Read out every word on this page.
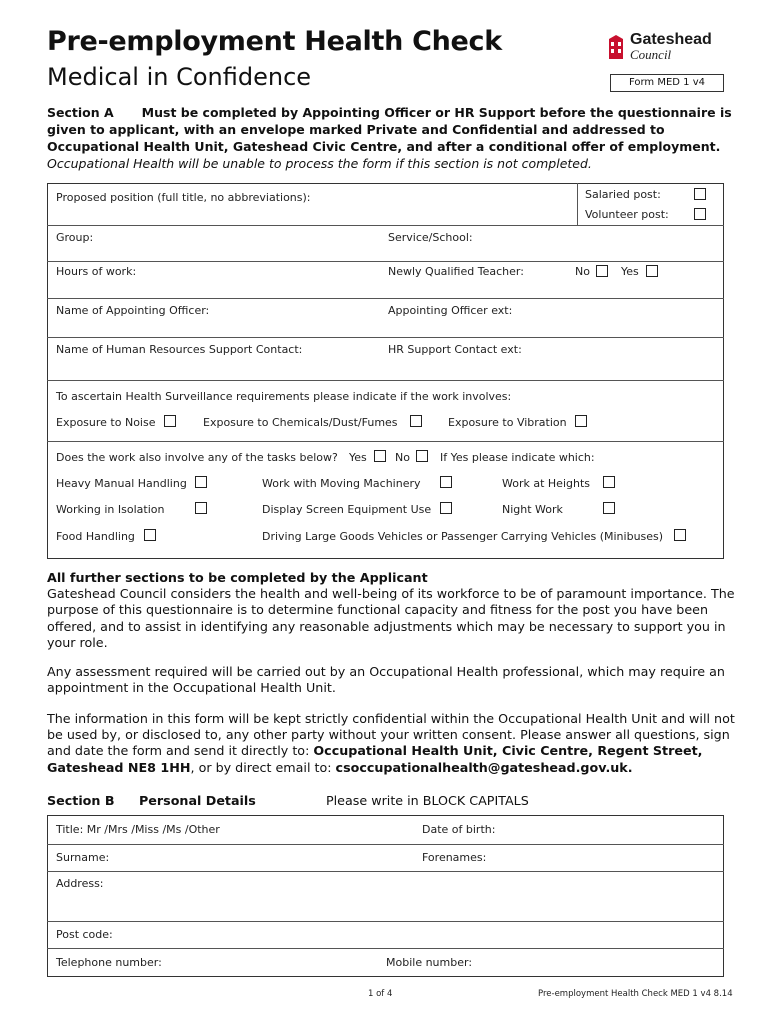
Pre-employment Health Check
Medical in Confidence
Gateshead
Council
Form MED 1 v4
Section A Must be completed by Appointing Officer or HR Support before the questionnaire is given to applicant, with an envelope marked Private and Confidential and addressed to Occupational Health Unit, Gateshead Civic Centre, and after a conditional offer of employment.
Occupational Health will be unable to process the form if this section is not completed.
Proposed position (full title, no abbreviations):	Salaried post:
Volunteer post:
Group:	Service/School:
Hours of work:	Newly Qualified Teacher:	No	Yes
Name of Appointing Officer:	Appointing Officer ext:
Name of Human Resources Support Contact:	HR Support Contact ext:
To ascertain Health Surveillance requirements please indicate if the work involves:
Exposure to Noise	Exposure to Chemicals/Dust/Fumes	Exposure to Vibration
Does the work also involve any of the tasks below? Yes	No	If Yes please indicate which:
Heavy Manual Handling	Work with Moving Machinery	Work at Heights
Working in Isolation	Display Screen Equipment Use	Night Work
Food Handling	Driving Large Goods Vehicles or Passenger Carrying Vehicles (Minibuses)
All further sections to be completed by the Applicant
Gateshead Council considers the health and well-being of its workforce to be of paramount importance. The purpose of this questionnaire is to determine functional capacity and fitness for the post you have been offered, and to assist in identifying any reasonable adjustments which may be necessary to support you in your role.
Any assessment required will be carried out by an Occupational Health professional, which may require an appointment in the Occupational Health Unit.
The information in this form will be kept strictly confidential within the Occupational Health Unit and will not be used by, or disclosed to, any other party without your written consent. Please answer all questions, sign and date the form and send it directly to: Occupational Health Unit, Civic Centre, Regent Street, Gateshead NE8 1HH, or by direct email to: csoccupationalhealth@gateshead.gov.uk.
Section B Personal Details	Please write in BLOCK CAPITALS
Title: Mr /Mrs /Miss /Ms /Other	Date of birth:
Surname:	Forenames:
Address:
Post code:
Telephone number:	Mobile number:
1 of 4	Pre-employment Health Check MED 1 v4 8.14
